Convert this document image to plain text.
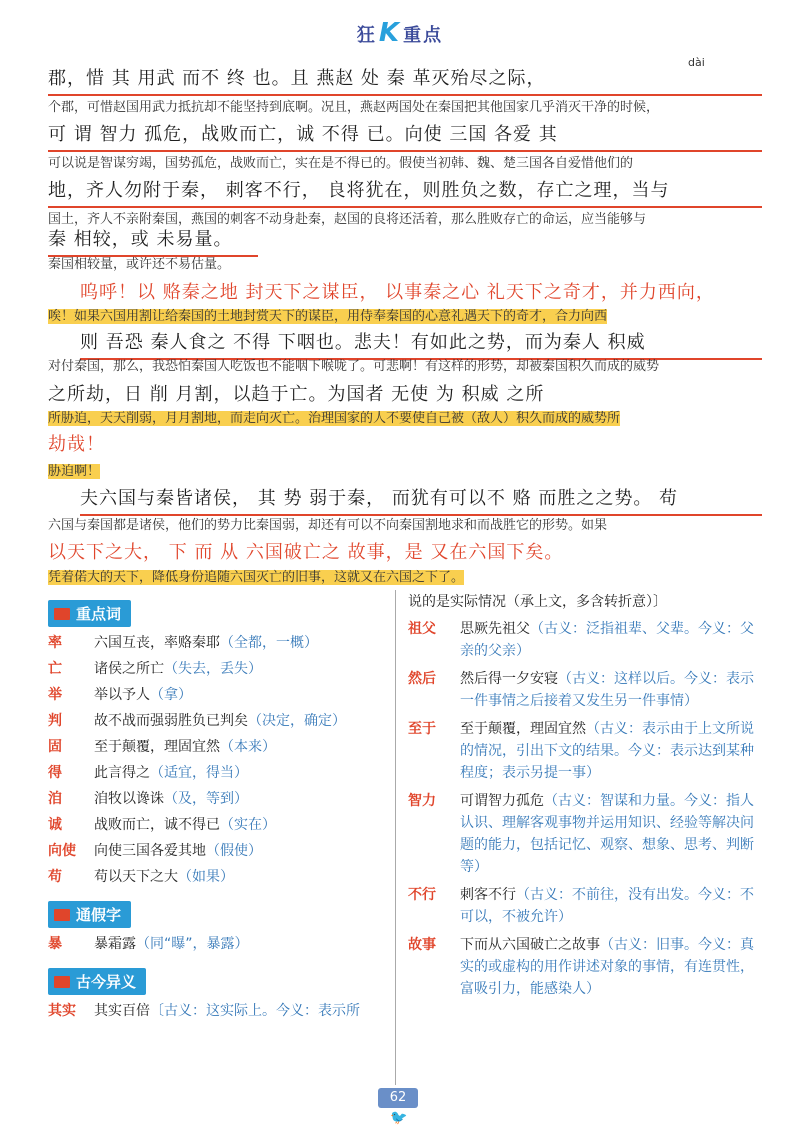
狂K 重点
dài
郡，惜 其 用武 而不 终 也。且 燕赵 处 秦 革灭殆尽之际，
个郡，可惜赵国用武力抵抗却不能坚持到底啊。况且，燕赵两国处在秦国把其他国家几乎消灭干净的时候，
可 谓 智力 孤危，战败而亡，诚 不得 已。向使 三国 各爱 其
可以说是智谋穷竭，国势孤危，战败而亡，实在是不得已的。假使当初韩、魏、楚三国各自爱惜他们的
地，齐人勿附于秦， 刺客不行， 良将犹在，则胜负之数，存亡之理，当与
国土，齐人不亲附秦国，燕国的刺客不动身赴秦，赵国的良将还活着，那么胜败存亡的命运，应当能够与
秦 相较，或 未易量。
秦国相较量，或许还不易估量。
呜呼！以 赂秦之地 封天下之谋臣， 以事秦之心 礼天下之奇才，并力西向，
唉！如果六国用割让给秦国的土地封赏天下的谋臣，用侍奉秦国的心意礼遇天下的奇才，合力向西
则 吾恐 秦人食之 不得 下咽也。悲夫！有如此之势，而为秦人 积威
对付秦国，那么，我恐怕秦国人吃饭也不能咽下喉咙了。可悲啊！有这样的形势，却被秦国积久而成的威势
之所劫，日 削 月割，以趋于亡。为国者 无使 为 积威 之所
所胁迫，天天削弱，月月割地，而走向灭亡。治理国家的人不要使自己被（敌人）积久而成的威势所
劫哉！
胁迫啊！
夫六国与秦皆诸侯， 其 势 弱于秦， 而犹有可以不 赂 而胜之之势。 苟
六国与秦国都是诸侯，他们的势力比秦国弱，却还有可以不向秦国割地求和而战胜它的形势。如果
以天下之大， 下 而 从 六国破亡之 故事，是 又在六国下矣。
凭着偌大的天下，降低身份追随六国灭亡的旧事，这就又在六国之下了。
重点词
率	六国互丧，率赂秦耶（全都，一概）
亡	诸侯之所亡（失去，丢失）
举	举以予人（拿）
判	故不战而强弱胜负已判矣（决定，确定）
固	至于颠覆，理固宜然（本来）
得	此言得之（适宜，得当）
洎	洎牧以谗诛（及，等到）
诚	战败而亡，诚不得已（实在）
向使	向使三国各爱其地（假使）
苟	苟以天下之大（如果）
通假字
暴	暴霜露（同“曝”，暴露）
古今异义
其实	其实百倍〔古义：这实际上。今义：表示所
说的是实际情况（承上文，多含转折意）〕
祖父	思厥先祖父（古义：泛指祖辈、父辈。今义：父亲的父亲）
然后	然后得一夕安寝（古义：这样以后。今义：表示一件事情之后接着又发生另一件事情）
至于	至于颠覆，理固宜然（古义：表示由于上文所说的情况，引出下文的结果。今义：表示达到某种程度；表示另提一事）
智力	可谓智力孤危（古义：智谋和力量。今义：指人认识、理解客观事物并运用知识、经验等解决问题的能力，包括记忆、观察、想象、思考、判断等）
不行	刺客不行（古义：不前往，没有出发。今义：不可以，不被允许）
故事	下而从六国破亡之故事（古义：旧事。今义：真实的或虚构的用作讲述对象的事情，有连贯性，富吸引力，能感染人）
62
🐦
